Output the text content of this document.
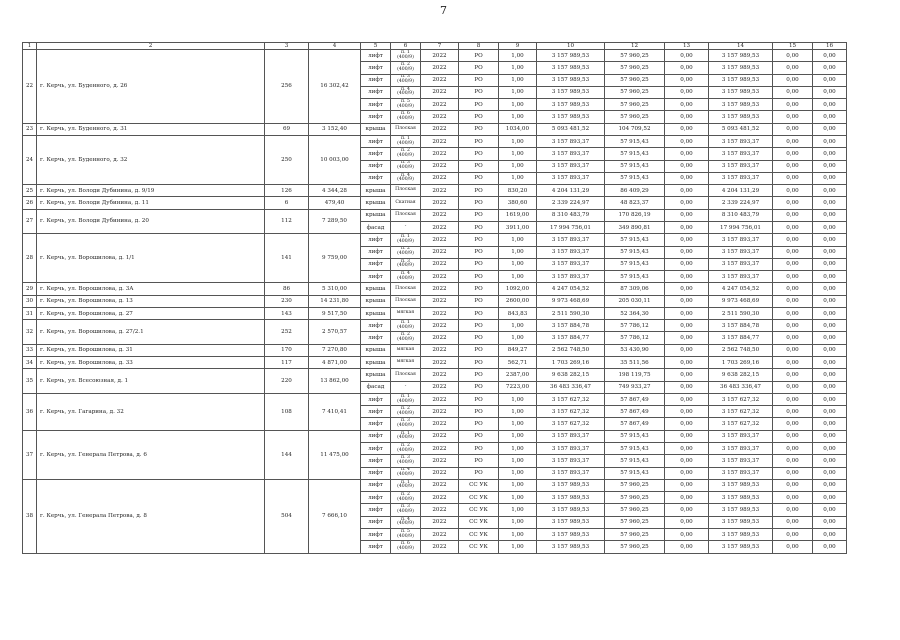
7
1	2	3	4	5	6	7	8	9	10	12	13	14	15	16
22	г. Керчь, ул. Буденного, д. 26	256	16 302,42	лифт	п. 1 (400/9)	2022	РО	1,00	3 157 989,53	57 960,25	0,00	3 157 989,53	0,00	0,00
				лифт	п. 2 (400/9)	2022	РО	1,00	3 157 989,53	57 960,25	0,00	3 157 989,53	0,00	0,00
				лифт	п. 3 (400/9)	2022	РО	1,00	3 157 989,53	57 960,25	0,00	3 157 989,53	0,00	0,00
				лифт	п. 4 (400/9)	2022	РО	1,00	3 157 989,53	57 960,25	0,00	3 157 989,53	0,00	0,00
				лифт	п. 5 (400/9)	2022	РО	1,00	3 157 989,53	57 960,25	0,00	3 157 989,53	0,00	0,00
				лифт	п. 6 (400/9)	2022	РО	1,00	3 157 989,53	57 960,25	0,00	3 157 989,53	0,00	0,00
23	г. Керчь, ул. Буденного, д. 31	69	3 152,40	крыша	Плоская	2022	РО	1034,00	5 093 481,52	104 709,52	0,00	5 093 481,52	0,00	0,00
24	г. Керчь, ул. Буденного, д. 32	250	10 003,00	лифт	п. 1 (400/9)	2022	РО	1,00	3 157 893,37	57 915,43	0,00	3 157 893,37	0,00	0,00
				лифт	п. 2 (400/9)	2022	РО	1,00	3 157 893,37	57 915,43	0,00	3 157 893,37	0,00	0,00
				лифт	п. 3 (400/9)	2022	РО	1,00	3 157 893,37	57 915,43	0,00	3 157 893,37	0,00	0,00
				лифт	п. 4 (400/9)	2022	РО	1,00	3 157 893,37	57 915,43	0,00	3 157 893,37	0,00	0,00
25	г. Керчь, ул. Володи Дубинина, д. 9/19	126	4 344,28	крыша	Плоская	2022	РО	830,20	4 204 131,29	86 409,29	0,00	4 204 131,29	0,00	0,00
26	г. Керчь, ул. Володи Дубинина, д. 11	6	479,40	крыша	Скатная	2022	РО	380,60	2 339 224,97	48 823,37	0,00	2 339 224,97	0,00	0,00
27	г. Керчь, ул. Володи Дубинина, д. 20	112	7 289,50	крыша	Плоская	2022	РО	1619,00	8 310 483,79	170 826,19	0,00	8 310 483,79	0,00	0,00
				фасад	-	2022	РО	3911,00	17 994 756,01	349 890,81	0,00	17 994 756,01	0,00	0,00
28	г. Керчь, ул. Ворошилова, д. 1/1	141	9 759,00	лифт	п. 1 (400/9)	2022	РО	1,00	3 157 893,37	57 915,43	0,00	3 157 893,37	0,00	0,00
				лифт	п. 2 (400/9)	2022	РО	1,00	3 157 893,37	57 915,43	0,00	3 157 893,37	0,00	0,00
				лифт	п. 3 (400/9)	2022	РО	1,00	3 157 893,37	57 915,43	0,00	3 157 893,37	0,00	0,00
				лифт	п. 4 (400/9)	2022	РО	1,00	3 157 893,37	57 915,43	0,00	3 157 893,37	0,00	0,00
29	г. Керчь, ул. Ворошилова, д. 3А	86	5 310,00	крыша	Плоская	2022	РО	1092,00	4 247 054,52	87 309,06	0,00	4 247 054,52	0,00	0,00
30	г. Керчь, ул. Ворошилова, д. 13	230	14 231,80	крыша	Плоская	2022	РО	2600,00	9 973 468,69	205 030,11	0,00	9 973 468,69	0,00	0,00
31	г. Керчь, ул. Ворошилова, д. 27	143	9 517,50	крыша	мягкая	2022	РО	843,83	2 511 590,30	52 364,30	0,00	2 511 590,30	0,00	0,00
32	г. Керчь, ул. Ворошилова, д. 27/2.1	252	2 570,57	лифт	п. 1 (400/9)	2022	РО	1,00	3 157 884,78	57 786,12	0,00	3 157 884,78	0,00	0,00
				лифт	п. 2 (400/9)	2022	РО	1,00	3 157 884,77	57 786,12	0,00	3 157 884,77	0,00	0,00
33	г. Керчь, ул. Ворошилова, д. 31	170	7 270,80	крыша	мягкая	2022	РО	849,27	2 562 748,50	53 430,90	0,00	2 562 748,50	0,00	0,00
34	г. Керчь, ул. Ворошилова, д. 33	117	4 871,00	крыша	мягкая	2022	РО	562,71	1 703 269,16	35 511,56	0,00	1 703 269,16	0,00	0,00
35	г. Керчь, ул. Всесоюзная, д. 1	220	13 862,00	крыша	Плоская	2022	РО	2387,00	9 638 282,15	198 119,75	0,00	9 638 282,15	0,00	0,00
				фасад	-	2022	РО	7223,00	36 483 336,47	749 933,27	0,00	36 483 336,47	0,00	0,00
36	г. Керчь, ул. Гагарина, д. 32	108	7 410,41	лифт	п. 1 (400/9)	2022	РО	1,00	3 157 627,32	57 867,49	0,00	3 157 627,32	0,00	0,00
				лифт	п. 2 (400/9)	2022	РО	1,00	3 157 627,32	57 867,49	0,00	3 157 627,32	0,00	0,00
				лифт	п. 3 (400/9)	2022	РО	1,00	3 157 627,32	57 867,49	0,00	3 157 627,32	0,00	0,00
37	г. Керчь, ул. Генерала Петрова, д. 6	144	11 475,00	лифт	п. 1 (400/9)	2022	РО	1,00	3 157 893,37	57 915,43	0,00	3 157 893,37	0,00	0,00
				лифт	п. 2 (400/9)	2022	РО	1,00	3 157 893,37	57 915,43	0,00	3 157 893,37	0,00	0,00
				лифт	п. 3 (400/9)	2022	РО	1,00	3 157 893,37	57 915,43	0,00	3 157 893,37	0,00	0,00
				лифт	п. 4 (400/9)	2022	РО	1,00	3 157 893,37	57 915,43	0,00	3 157 893,37	0,00	0,00
38	г. Керчь, ул. Генерала Петрова, д. 8	504	7 666,10	лифт	п. 1 (400/9)	2022	СС УК	1,00	3 157 989,53	57 960,25	0,00	3 157 989,53	0,00	0,00
				лифт	п. 2 (400/9)	2022	СС УК	1,00	3 157 989,53	57 960,25	0,00	3 157 989,53	0,00	0,00
				лифт	п. 3 (400/9)	2022	СС УК	1,00	3 157 989,53	57 960,25	0,00	3 157 989,53	0,00	0,00
				лифт	п. 4 (400/9)	2022	СС УК	1,00	3 157 989,53	57 960,25	0,00	3 157 989,53	0,00	0,00
				лифт	п. 5 (400/9)	2022	СС УК	1,00	3 157 989,53	57 960,25	0,00	3 157 989,53	0,00	0,00
				лифт	п. 6 (400/9)	2022	СС УК	1,00	3 157 989,53	57 960,25	0,00	3 157 989,53	0,00	0,00
